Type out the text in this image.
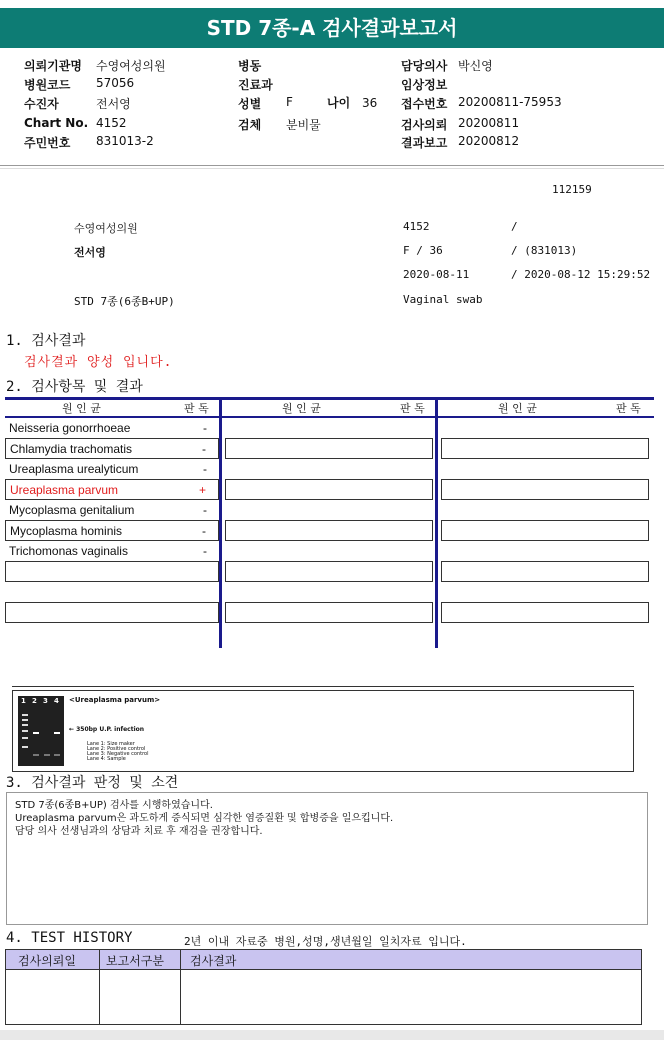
STD 7종-A 검사결과보고서
의뢰기관명 수영여성의원
병원코드 57056
수진자	전서영
Chart No. 4152
주민번호 831013-2
병동
진료과
성별 F
검체 분비물
담당의사 박신영
임상정보
접수번호 20200811-75953
검사의뢰 20200811
결과보고 20200812
나이 36
112159
수영여성의원	4152	/
전서영	F / 36	/ (831013)
2020-08-11	/ 2020-08-12 15:29:52
STD 7종(6종B+UP)	Vaginal swab
1. 검사결과
검사결과 양성 입니다.
2. 검사항목 및 결과
원 인 균	판 독	원 인 균	판 독	원 인 균	판 독
Neisseria gonorrhoeae	-
Chlamydia trachomatis	-
Ureaplasma urealyticum	-
Ureaplasma parvum	+
Mycoplasma genitalium	-
Mycoplasma hominis	-
Trichomonas vaginalis	-
1 2 3 4 <Ureaplasma parvum>
← 350bp U.P. infection
Lane 1: Size maker
Lane 2: Positive control
Lane 3: Negative control
Lane 4: Sample
3. 검사결과 판정 및 소견

STD 7종(6종B+UP) 검사를 시행하였습니다.

Ureaplasma parvum은 과도하게 증식되면 심각한 염증질환 및 합병증을 일으킵니다.

담당 의사 선생님과의 상담과 치료 후 재검을 권장합니다.

4. TEST HISTORY	2년 이내 자료중 병원,성명,생년월일 일치자료 입니다.
검사의뢰일	보고서구분 검사결과
